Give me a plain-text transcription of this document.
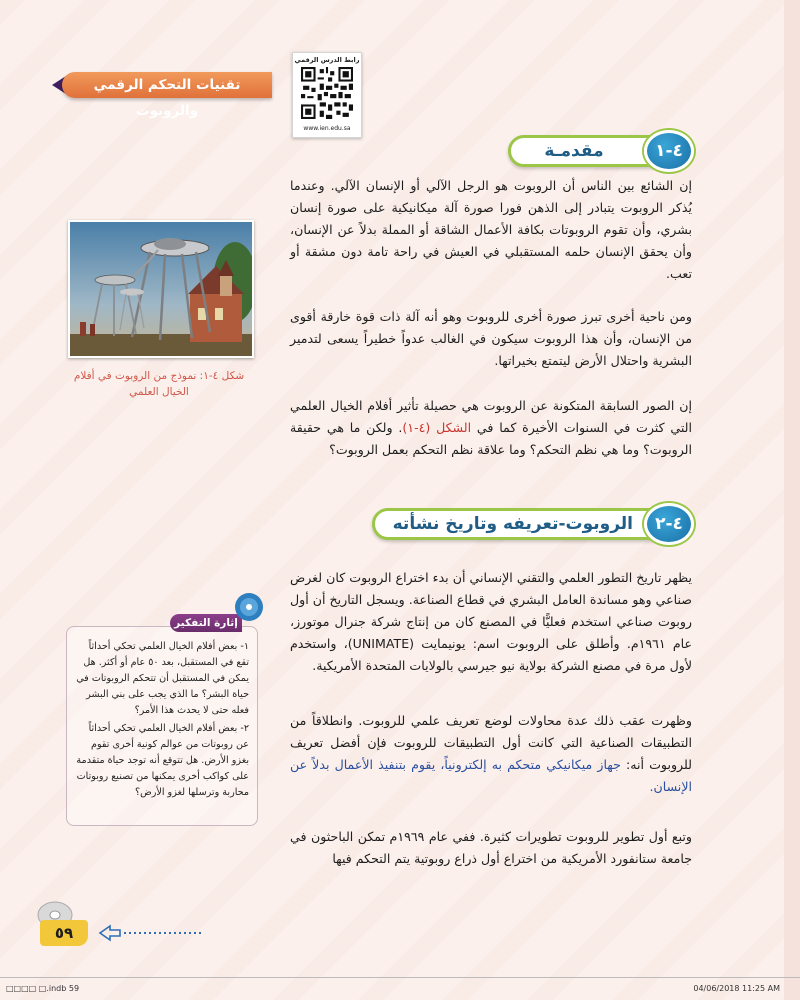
تقنيات التحكم الرقمي والروبوت
رابط الدرس الرقمي
www.ien.edu.sa
مقدمـة	٤-١

إن الشائع بين الناس أن الروبوت هو الرجل الآلي أو الإنسان الآلي. وعندما يُذكر الروبوت يتبادر إلى الذهن فورا صورة آلة ميكانيكية على صورة إنسان بشري، وأن تقوم الروبوتات بكافة الأعمال الشاقة أو المملة بدلاً عن الإنسان، وأن يحقق الإنسان حلمه المستقبلي في العيش في راحة تامة دون مشقة أو تعب.

ومن ناحية أخرى تبرز صورة أخرى للروبوت وهو أنه آلة ذات قوة خارقة أقوى من الإنسان، وأن هذا الروبوت سيكون في الغالب عدواً خطيراً يسعى لتدمير البشرية واحتلال الأرض ليتمتع بخيراتها.

إن الصور السابقة المتكونة عن الروبوت هي حصيلة تأثير أفلام الخيال العلمي التي كثرت في السنوات الأخيرة كما في الشكل (٤-١). ولكن ما هي حقيقة الروبوت؟ وما هي نظم التحكم؟ وما علاقة نظم التحكم بعمل الروبوت؟

شكل ٤-١: نموذج من الروبوت في أفلام الخيال العلمي
الروبوت-تعريفه وتاريخ نشأته	٤-٢

يظهر تاريخ التطور العلمي والتقني الإنساني أن بدء اختراع الروبوت كان لغرض صناعي وهو مساندة العامل البشري في قطاع الصناعة. ويسجل التاريخ أن أول روبوت صناعي استخدم فعليًّا في المصنع كان من إنتاج شركة جنرال موتورز، عام ١٩٦١م. وأطلق على الروبوت اسم: يونيمايت (UNIMATE)، واستخدم لأول مرة في مصنع الشركة بولاية نيو جيرسي بالولايات المتحدة الأمريكية.

وظهرت عقب ذلك عدة محاولات لوضع تعريف علمي للروبوت. وانطلاقاً من التطبيقات الصناعية التي كانت أول التطبيقات للروبوت فإن أفضل تعريف للروبوت أنه: جهاز ميكانيكي متحكم به إلكترونياً، يقوم بتنفيذ الأعمال بدلاً عن الإنسان.

وتبع أول تطوير للروبوت تطويرات كثيرة. ففي عام ١٩٦٩م تمكن الباحثون في جامعة ستانفورد الأمريكية من اختراع أول ذراع روبوتية يتم التحكم فيها

١- بعض أفلام الخيال العلمي تحكي أحداثاً تقع في المستقبل، بعد ٥٠ عام أو أكثر. هل يمكن في المستقبل أن تتحكم الروبوتات في حياة البشر؟ ما الذي يجب على بني البشر فعله حتى لا يحدث هذا الأمر؟
٢- بعض أفلام الخيال العلمي تحكي أحداثاً عن روبوتات من عوالم كونية أخرى تقوم بغزو الأرض. هل تتوقع أنه توجد حياة متقدمة على كواكب أخرى يمكنها من تصنيع روبوتات محاربة وترسلها لغزو الأرض؟
إثارة التفكير
٥٩
□□□□ □.indb 59	04/06/2018 11:25 AM
